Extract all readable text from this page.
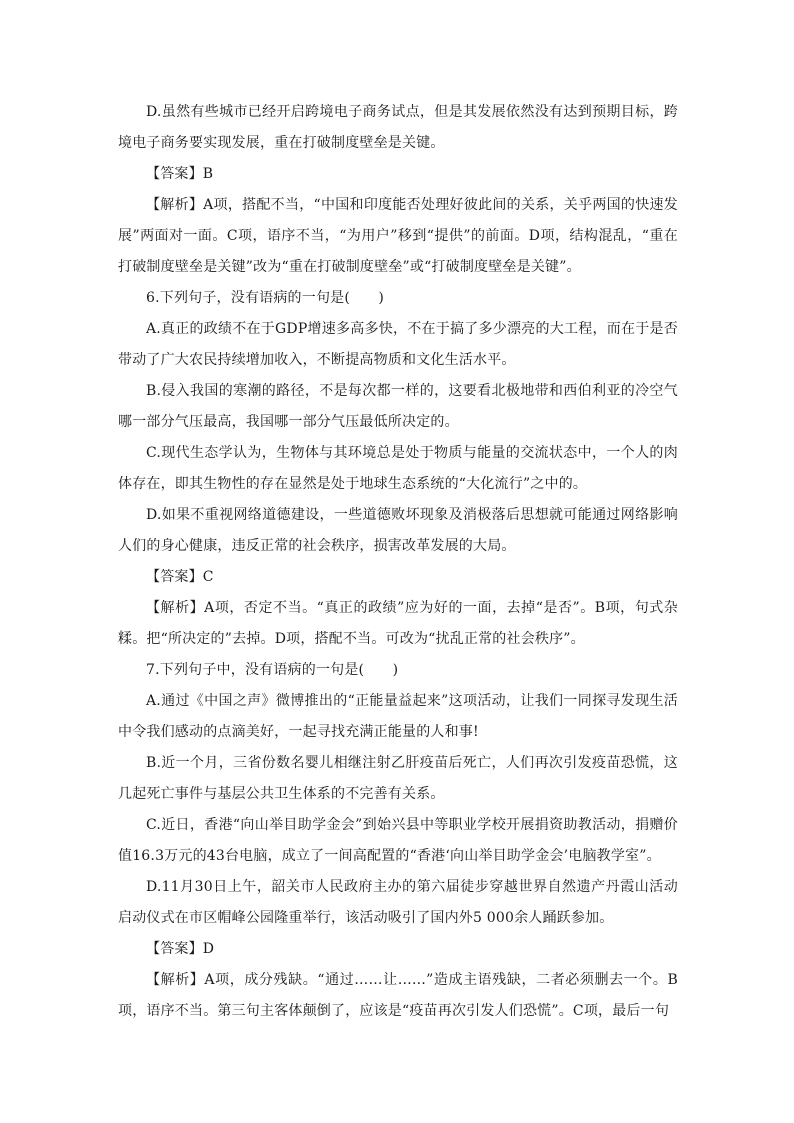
D.虽然有些城市已经开启跨境电子商务试点，但是其发展依然没有达到预期目标，跨境电子商务要实现发展，重在打破制度壁垒是关键。

【答案】B

【解析】A项，搭配不当，“中国和印度能否处理好彼此间的关系，关乎两国的快速发展”两面对一面。C项，语序不当，“为用户”移到“提供”的前面。D项，结构混乱，“重在打破制度壁垒是关键”改为“重在打破制度壁垒”或“打破制度壁垒是关键”。

6.下列句子，没有语病的一句是(　　)

A.真正的政绩不在于GDP增速多高多快，不在于搞了多少漂亮的大工程，而在于是否带动了广大农民持续增加收入，不断提高物质和文化生活水平。

B.侵入我国的寒潮的路径，不是每次都一样的，这要看北极地带和西伯利亚的冷空气哪一部分气压最高，我国哪一部分气压最低所决定的。

C.现代生态学认为，生物体与其环境总是处于物质与能量的交流状态中，一个人的肉体存在，即其生物性的存在显然是处于地球生态系统的“大化流行”之中的。

D.如果不重视网络道德建设，一些道德败坏现象及消极落后思想就可能通过网络影响人们的身心健康，违反正常的社会秩序，损害改革发展的大局。

【答案】C

【解析】A项，否定不当。“真正的政绩”应为好的一面，去掉“是否”。B项，句式杂糅。把“所决定的”去掉。D项，搭配不当。可改为“扰乱正常的社会秩序”。

7.下列句子中，没有语病的一句是(　　)

A.通过《中国之声》微博推出的“正能量益起来”这项活动，让我们一同探寻发现生活中令我们感动的点滴美好，一起寻找充满正能量的人和事!

B.近一个月，三省份数名婴儿相继注射乙肝疫苗后死亡，人们再次引发疫苗恐慌，这几起死亡事件与基层公共卫生体系的不完善有关系。

C.近日，香港“向山举目助学金会”到始兴县中等职业学校开展捐资助教活动，捐赠价值16.3万元的43台电脑，成立了一间高配置的“香港‘向山举目助学金会’电脑教学室”。

D.11月30日上午，韶关市人民政府主办的第六届徒步穿越世界自然遗产丹霞山活动启动仪式在市区帽峰公园隆重举行，该活动吸引了国内外5 000余人踊跃参加。

【答案】D

【解析】A项，成分残缺。“通过……让……”造成主语残缺，二者必须删去一个。B项，语序不当。第三句主客体颠倒了，应该是“疫苗再次引发人们恐慌”。C项，最后一句
